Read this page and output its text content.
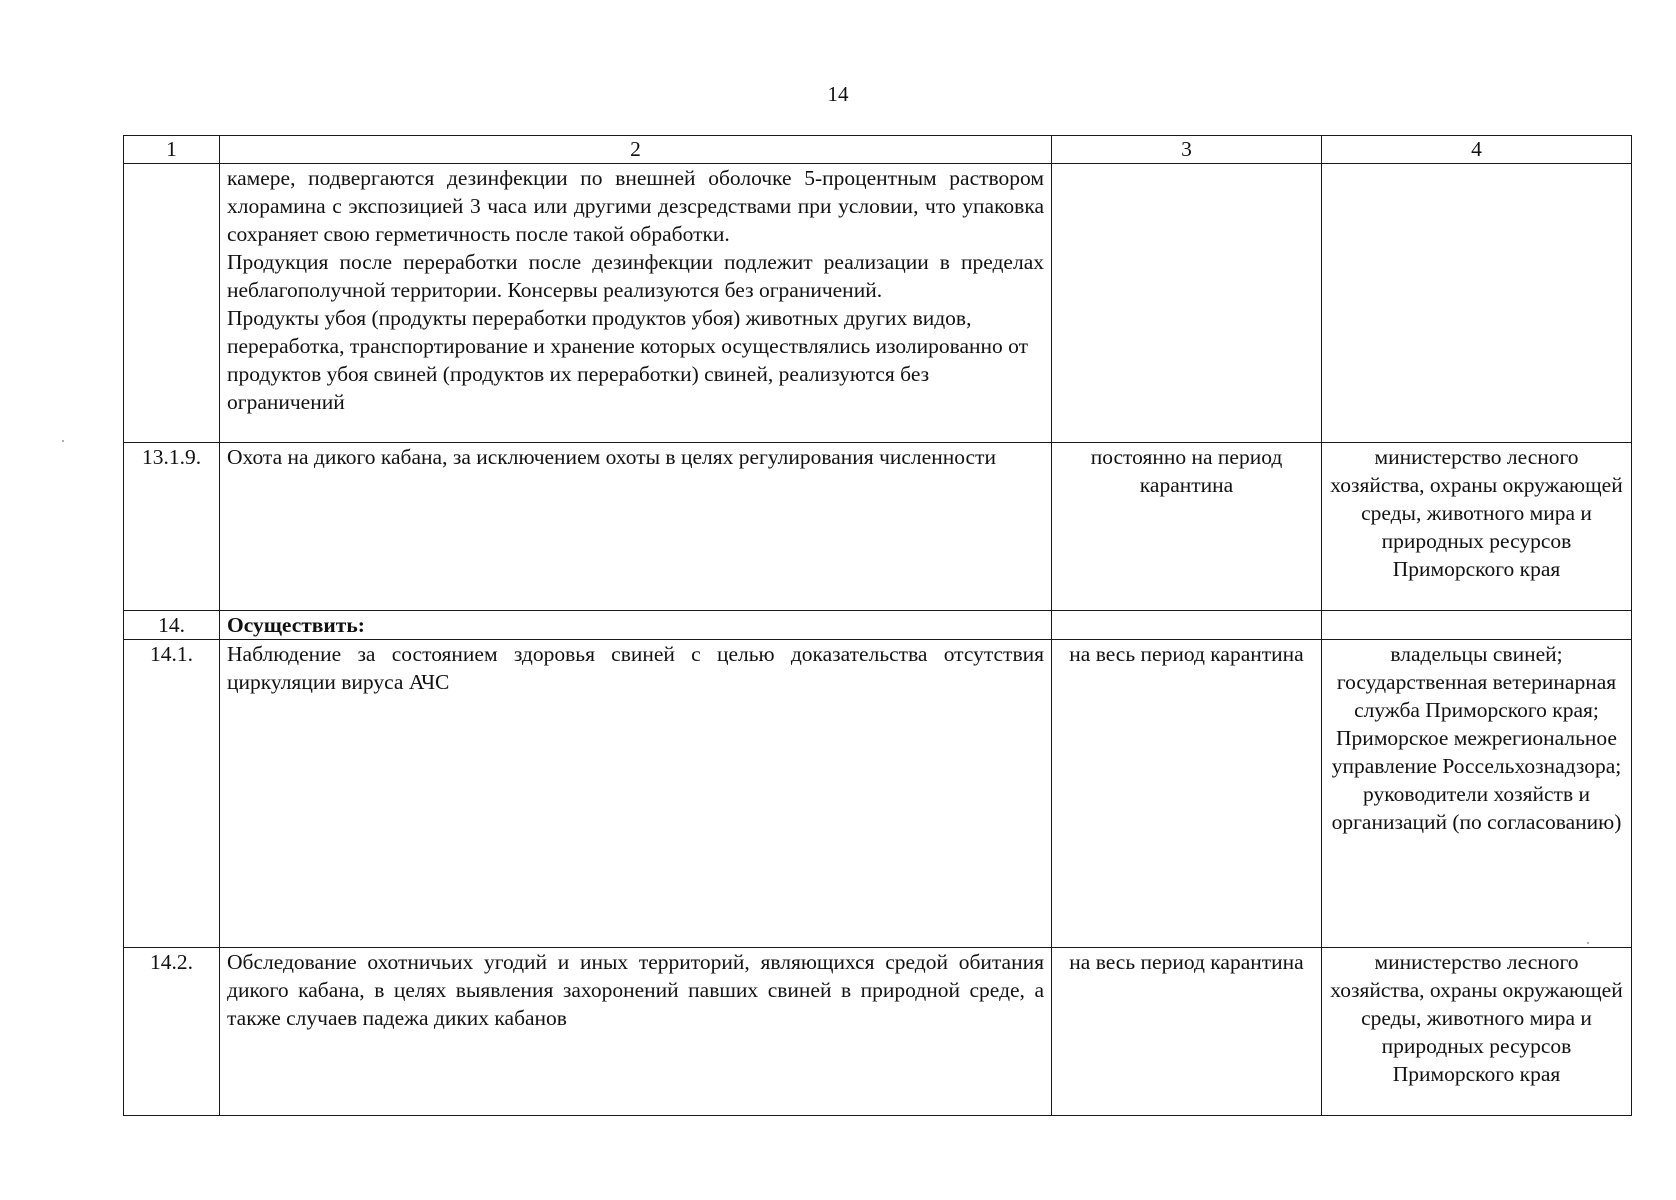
14
1	2	3	4

	камере, подвергаются дезинфекции по внешней оболочке 5-процентным раствором хлорамина с экспозицией 3 часа или другими дезсредствами при условии, что упаковка сохраняет свою герметичность после такой обработки.
Продукция после переработки после дезинфекции подлежит реализации в пределах неблагополучной территории. Консервы реализуются без ограничений.
Продукты убоя (продукты переработки продуктов убоя) животных других видов, переработка, транспортирование и хранение которых осуществлялись изолированно от продуктов убоя свиней (продуктов их переработки) свиней, реализуются без ограничений		

13.1.9.	Охота на дикого кабана, за исключением охоты в целях регулирования численности	постоянно на период карантина	министерство лесного хозяйства, охраны окружающей среды, животного мира и природных ресурсов Приморского края
14.	Осуществить:		
14.1.	Наблюдение за состоянием здоровья свиней с целью доказательства отсутствия циркуляции вируса АЧС	на весь период карантина	владельцы свиней; государственная ветеринарная служба Приморского края; Приморское межрегиональное управление Россельхознадзора; руководители хозяйств и организаций (по согласованию)
14.2.	Обследование охотничьих угодий и иных территорий, являющихся средой обитания дикого кабана, в целях выявления захоронений павших свиней в природной среде, а также случаев падежа диких кабанов	на весь период карантина	министерство лесного хозяйства, охраны окружающей среды, животного мира и природных ресурсов Приморского края
